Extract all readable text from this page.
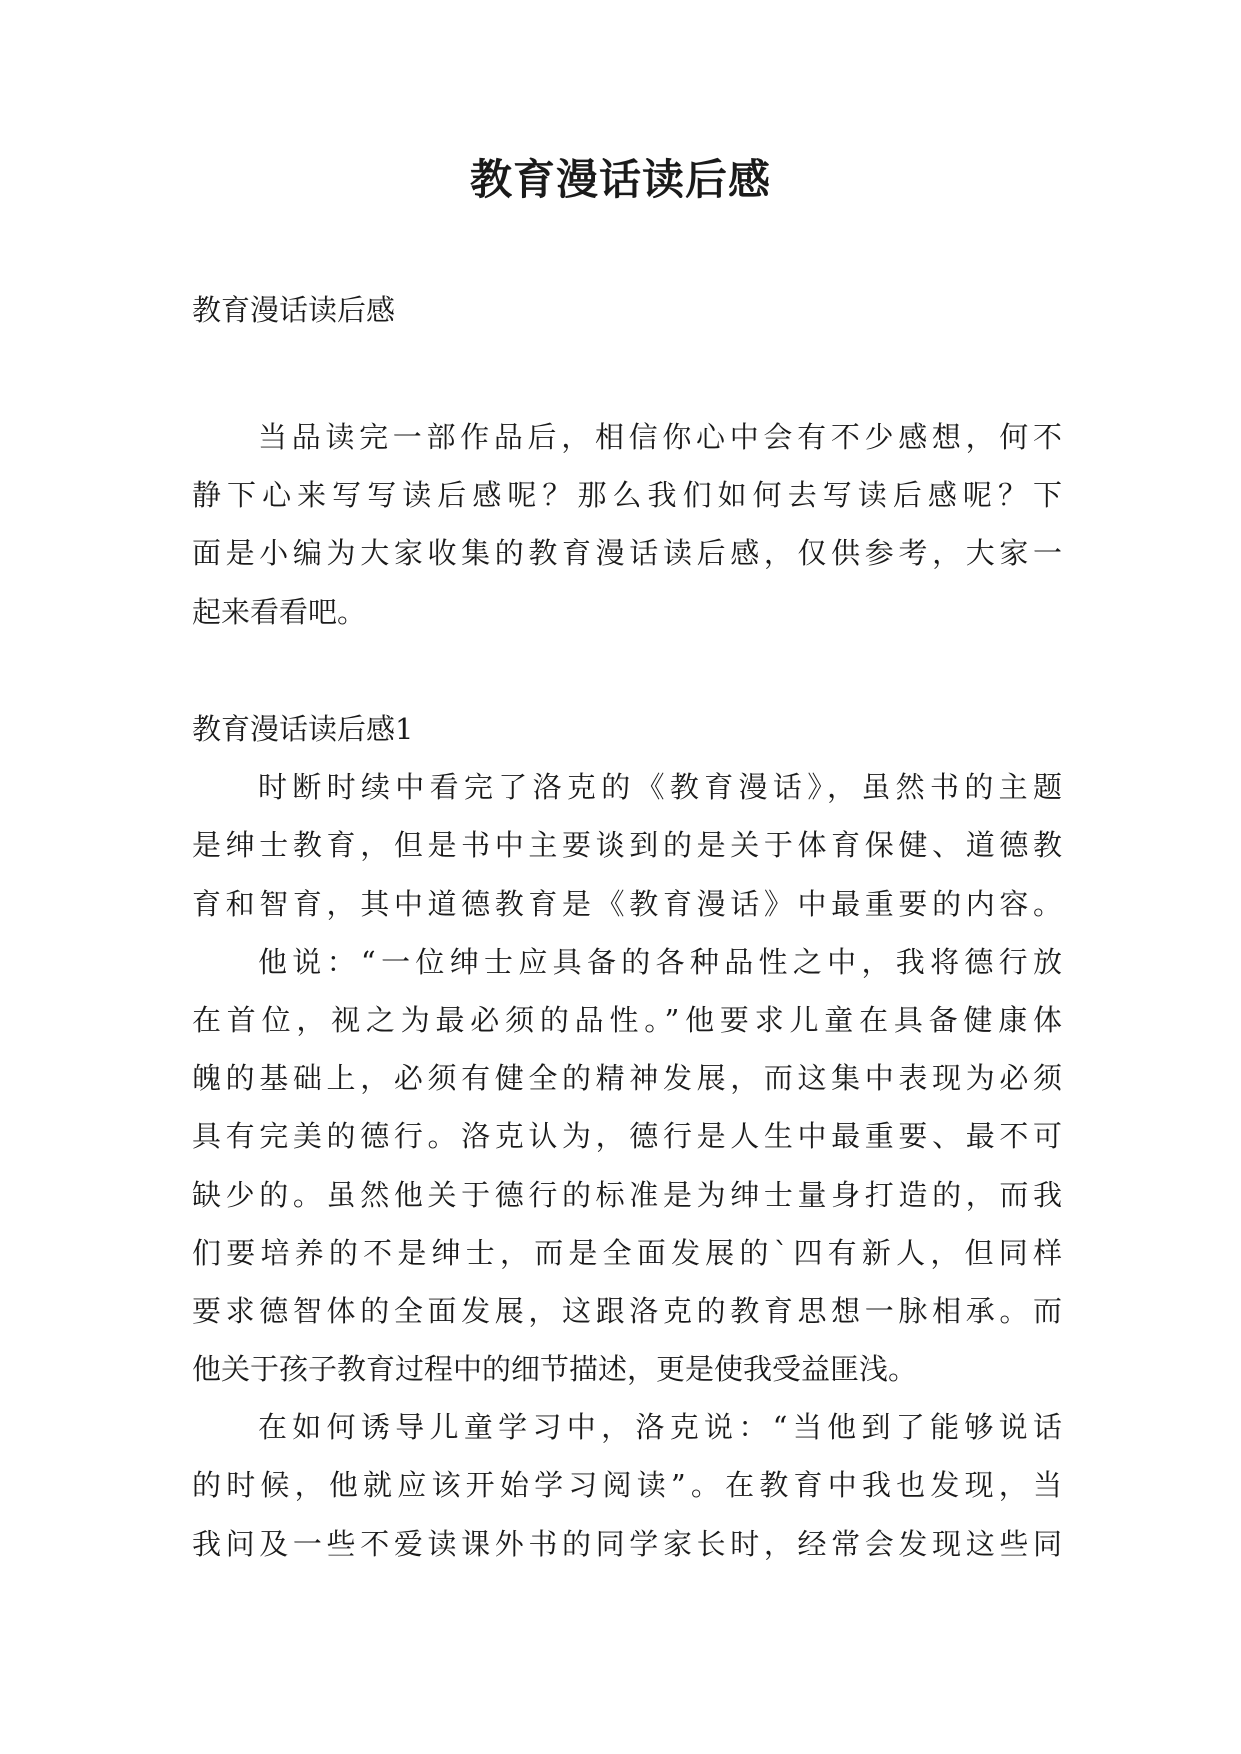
教育漫话读后感
教育漫话读后感
当品读完一部作品后，相信你心中会有不少感想，何不
静下心来写写读后感呢？那么我们如何去写读后感呢？下
面是小编为大家收集的教育漫话读后感，仅供参考，大家一
起来看看吧。
教育漫话读后感1
时断时续中看完了洛克的《教育漫话》，虽然书的主题
是绅士教育，但是书中主要谈到的是关于体育保健、道德教
育和智育，其中道德教育是《教育漫话》中最重要的内容。
他说：“一位绅士应具备的各种品性之中，我将德行放
在首位，视之为最必须的品性。”他要求儿童在具备健康体
魄的基础上，必须有健全的精神发展，而这集中表现为必须
具有完美的德行。洛克认为，德行是人生中最重要、最不可
缺少的。虽然他关于德行的标准是为绅士量身打造的，而我
们要培养的不是绅士，而是全面发展的`四有新人，但同样
要求德智体的全面发展，这跟洛克的教育思想一脉相承。而
他关于孩子教育过程中的细节描述，更是使我受益匪浅。
在如何诱导儿童学习中，洛克说：“当他到了能够说话
的时候，他就应该开始学习阅读”。在教育中我也发现，当
我问及一些不爱读课外书的同学家长时，经常会发现这些同
